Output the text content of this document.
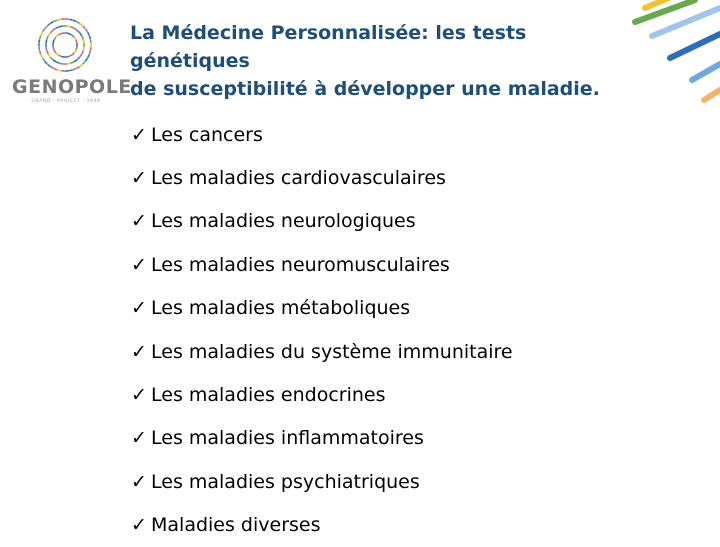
GENOPOLE
GRAND · PROJECT · 1998
La Médecine Personnalisée: les tests génétiques
de susceptibilité à développer une maladie.
✓ Les cancers
✓ Les maladies cardiovasculaires
✓ Les maladies neurologiques
✓ Les maladies neuromusculaires
✓ Les maladies métaboliques
✓ Les maladies du système immunitaire
✓ Les maladies endocrines
✓ Les maladies inflammatoires
✓ Les maladies psychiatriques
✓ Maladies diverses
